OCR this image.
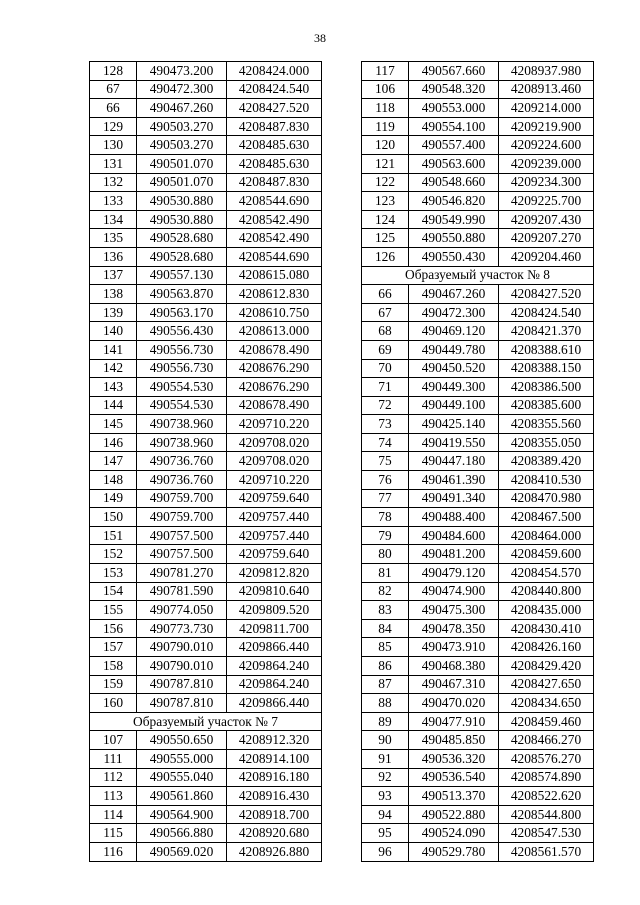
38
128	490473.200	4208424.000
67	490472.300	4208424.540
66	490467.260	4208427.520
129	490503.270	4208487.830
130	490503.270	4208485.630
131	490501.070	4208485.630
132	490501.070	4208487.830
133	490530.880	4208544.690
134	490530.880	4208542.490
135	490528.680	4208542.490
136	490528.680	4208544.690
137	490557.130	4208615.080
138	490563.870	4208612.830
139	490563.170	4208610.750
140	490556.430	4208613.000
141	490556.730	4208678.490
142	490556.730	4208676.290
143	490554.530	4208676.290
144	490554.530	4208678.490
145	490738.960	4209710.220
146	490738.960	4209708.020
147	490736.760	4209708.020
148	490736.760	4209710.220
149	490759.700	4209759.640
150	490759.700	4209757.440
151	490757.500	4209757.440
152	490757.500	4209759.640
153	490781.270	4209812.820
154	490781.590	4209810.640
155	490774.050	4209809.520
156	490773.730	4209811.700
157	490790.010	4209866.440
158	490790.010	4209864.240
159	490787.810	4209864.240
160	490787.810	4209866.440
Образуемый участок № 7		
107	490550.650	4208912.320
111	490555.000	4208914.100
112	490555.040	4208916.180
113	490561.860	4208916.430
114	490564.900	4208918.700
115	490566.880	4208920.680
116	490569.020	4208926.880
117	490567.660	4208937.980
106	490548.320	4208913.460
118	490553.000	4209214.000
119	490554.100	4209219.900
120	490557.400	4209224.600
121	490563.600	4209239.000
122	490548.660	4209234.300
123	490546.820	4209225.700
124	490549.990	4209207.430
125	490550.880	4209207.270
126	490550.430	4209204.460
Образуемый участок № 8		
66	490467.260	4208427.520
67	490472.300	4208424.540
68	490469.120	4208421.370
69	490449.780	4208388.610
70	490450.520	4208388.150
71	490449.300	4208386.500
72	490449.100	4208385.600
73	490425.140	4208355.560
74	490419.550	4208355.050
75	490447.180	4208389.420
76	490461.390	4208410.530
77	490491.340	4208470.980
78	490488.400	4208467.500
79	490484.600	4208464.000
80	490481.200	4208459.600
81	490479.120	4208454.570
82	490474.900	4208440.800
83	490475.300	4208435.000
84	490478.350	4208430.410
85	490473.910	4208426.160
86	490468.380	4208429.420
87	490467.310	4208427.650
88	490470.020	4208434.650
89	490477.910	4208459.460
90	490485.850	4208466.270
91	490536.320	4208576.270
92	490536.540	4208574.890
93	490513.370	4208522.620
94	490522.880	4208544.800
95	490524.090	4208547.530
96	490529.780	4208561.570
